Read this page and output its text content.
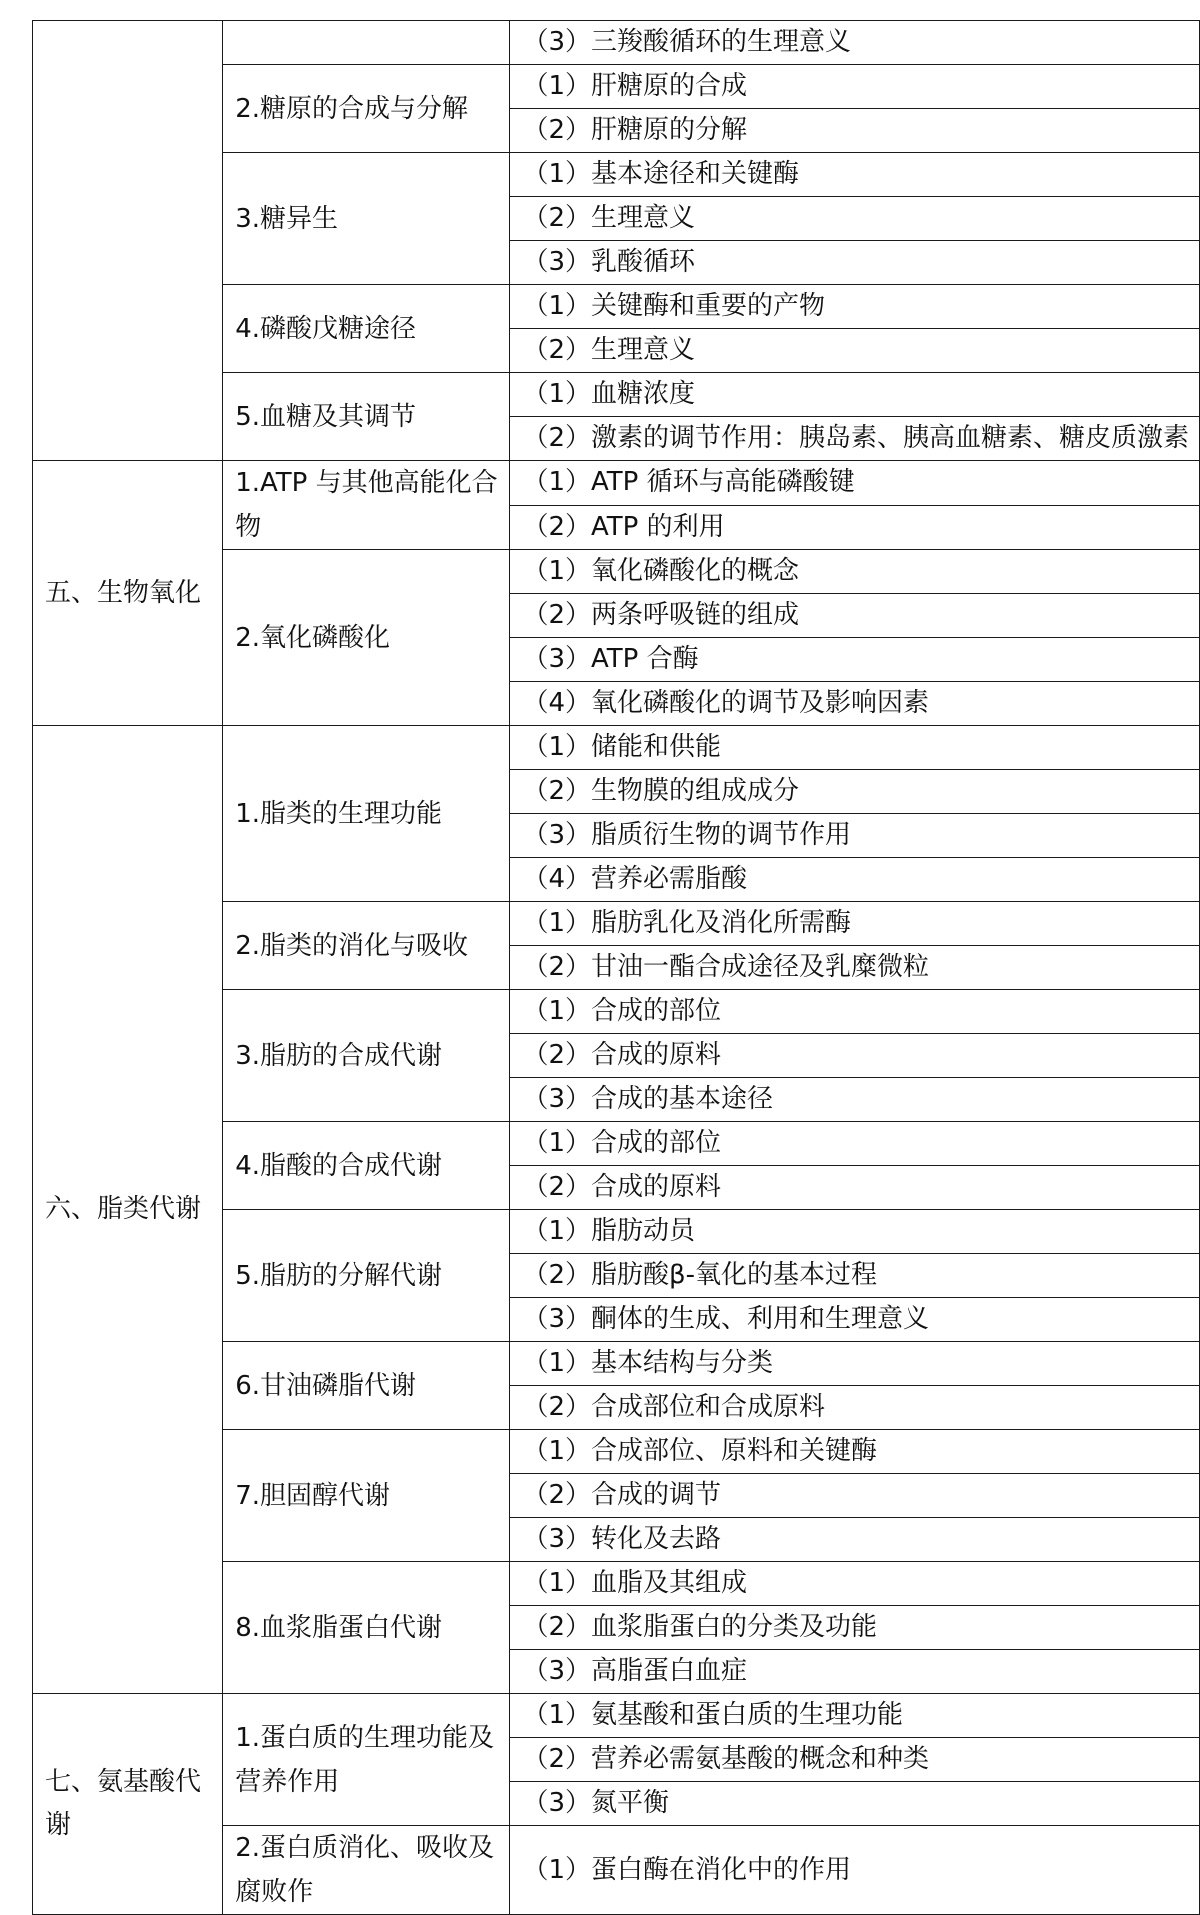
		（3）三羧酸循环的生理意义
	2.糖原的合成与分解	（1）肝糖原的合成
		（2）肝糖原的分解
	3.糖异生	（1）基本途径和关键酶
		（2）生理意义
		（3）乳酸循环
	4.磷酸戊糖途径	（1）关键酶和重要的产物
		（2）生理意义
	5.血糖及其调节	（1）血糖浓度
		（2）激素的调节作用：胰岛素、胰高血糖素、糖皮质激素
五、生物氧化	1.ATP 与其他高能化合物	（1）ATP 循环与高能磷酸键
		（2）ATP 的利用
	2.氧化磷酸化	（1）氧化磷酸化的概念
		（2）两条呼吸链的组成
		（3）ATP 合酶
		（4）氧化磷酸化的调节及影响因素
六、脂类代谢	1.脂类的生理功能	（1）储能和供能
		（2）生物膜的组成成分
		（3）脂质衍生物的调节作用
		（4）营养必需脂酸
	2.脂类的消化与吸收	（1）脂肪乳化及消化所需酶
		（2）甘油一酯合成途径及乳糜微粒
	3.脂肪的合成代谢	（1）合成的部位
		（2）合成的原料
		（3）合成的基本途径
	4.脂酸的合成代谢	（1）合成的部位
		（2）合成的原料
	5.脂肪的分解代谢	（1）脂肪动员
		（2）脂肪酸β-氧化的基本过程
		（3）酮体的生成、利用和生理意义
	6.甘油磷脂代谢	（1）基本结构与分类
		（2）合成部位和合成原料
	7.胆固醇代谢	（1）合成部位、原料和关键酶
		（2）合成的调节
		（3）转化及去路
	8.血浆脂蛋白代谢	（1）血脂及其组成
		（2）血浆脂蛋白的分类及功能
		（3）高脂蛋白血症
七、氨基酸代谢	1.蛋白质的生理功能及营养作用	（1）氨基酸和蛋白质的生理功能
		（2）营养必需氨基酸的概念和种类
		（3）氮平衡
	2.蛋白质消化、吸收及腐败作	（1）蛋白酶在消化中的作用
